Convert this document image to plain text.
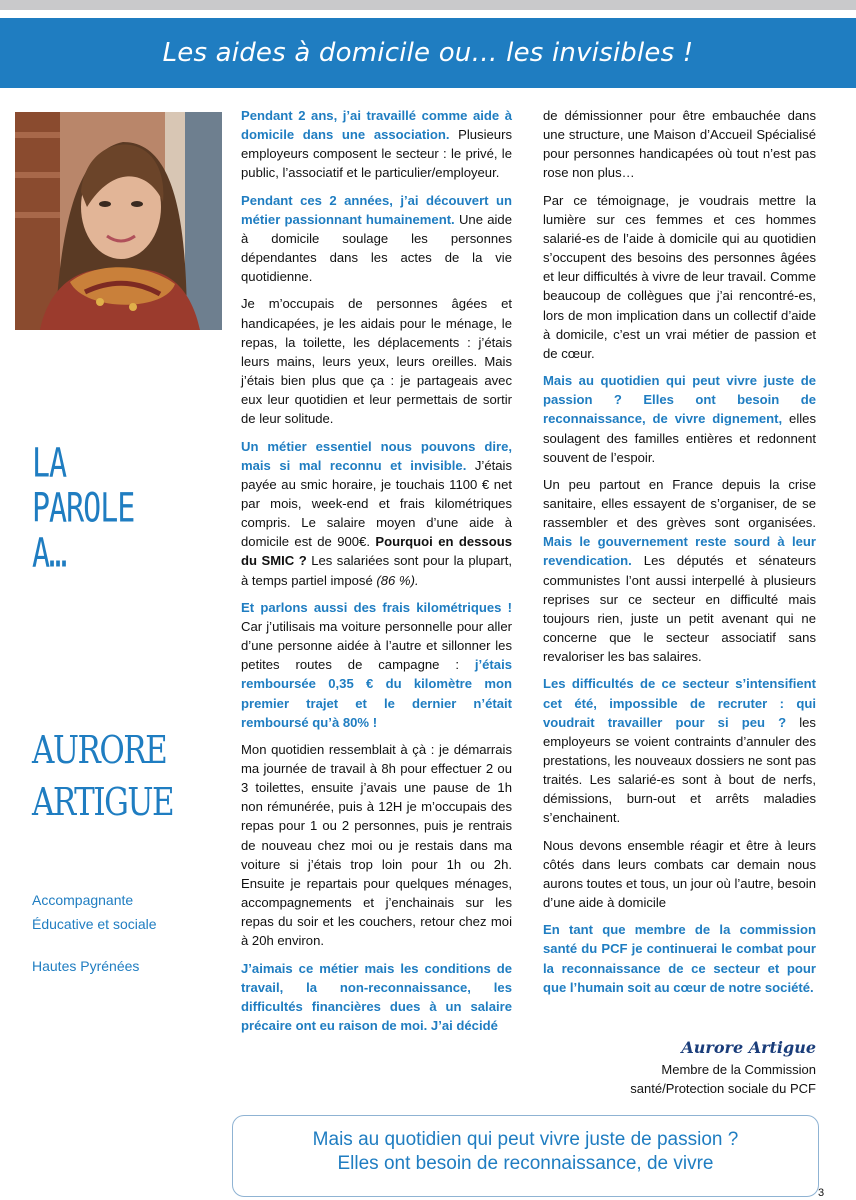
Les aides à domicile ou… les invisibles !
LA
PAROLE
A…
AURORE
ARTIGUE
Accompagnante
Éducative et sociale
Hautes Pyrénées

Pendant 2 ans, j’ai travaillé comme aide à domicile dans une association. Plusieurs employeurs composent le secteur : le privé, le public, l’associatif et le particulier/employeur.

Pendant ces 2 années, j’ai découvert un métier passionnant humainement. Une aide à domicile soulage les personnes dépendantes dans les actes de la vie quotidienne.

Je m’occupais de personnes âgées et handicapées, je les aidais pour le ménage, le repas, la toilette, les déplacements : j’étais leurs mains, leurs yeux, leurs oreilles. Mais j’étais bien plus que ça : je partageais avec eux leur quotidien et leur permettais de sortir de leur solitude.

Un métier essentiel nous pouvons dire, mais si mal reconnu et invisible. J’étais payée au smic horaire, je touchais 1100 € net par mois, week-end et frais kilométriques compris. Le salaire moyen d’une aide à domicile est de 900€. Pourquoi en dessous du SMIC ? Les salariées sont pour la plupart, à temps partiel imposé (86 %).

Et parlons aussi des frais kilométriques ! Car j’utilisais ma voiture personnelle pour aller d’une personne aidée à l’autre et sillonner les petites routes de campagne : j’étais remboursée 0,35 € du kilomètre mon premier trajet et le dernier n’était remboursé qu’à 80% !

Mon quotidien ressemblait à çà : je démarrais ma journée de travail à 8h pour effectuer 2 ou 3 toilettes, ensuite j’avais une pause de 1h non rémunérée, puis à 12H je m’occupais des repas pour 1 ou 2 personnes, puis je rentrais de nouveau chez moi ou je restais dans ma voiture si j’étais trop loin pour 1h ou 2h. Ensuite je repartais pour quelques ménages, accompagnements et j’enchainais sur les repas du soir et les couchers, retour chez moi à 20h environ.

J’aimais ce métier mais les conditions de travail, la non-reconnaissance, les difficultés financières dues à un salaire précaire ont eu raison de moi. J’ai décidé

de démissionner pour être embauchée dans une structure, une Maison d’Accueil Spécialisé pour personnes handicapées où tout n’est pas rose non plus…

Par ce témoignage, je voudrais mettre la lumière sur ces femmes et ces hommes salarié-es de l’aide à domicile qui au quotidien s’occupent des besoins des personnes âgées et leur difficultés à vivre de leur travail. Comme beaucoup de collègues que j’ai rencontré-es, lors de mon implication dans un collectif d’aide à domicile, c’est un vrai métier de passion et de cœur.

Mais au quotidien qui peut vivre juste de passion ? Elles ont besoin de reconnaissance, de vivre dignement, elles soulagent des familles entières et redonnent souvent de l’espoir.

Un peu partout en France depuis la crise sanitaire, elles essayent de s’organiser, de se rassembler et des grèves sont organisées. Mais le gouvernement reste sourd à leur revendication. Les députés et sénateurs communistes l’ont aussi interpellé à plusieurs reprises sur ce secteur en difficulté mais toujours rien, juste un petit avenant qui ne concerne que le secteur associatif sans revaloriser les bas salaires.

Les difficultés de ce secteur s’intensifient cet été, impossible de recruter : qui voudrait travailler pour si peu ? les employeurs se voient contraints d’annuler des prestations, les nouveaux dossiers ne sont pas traités. Les salarié-es sont à bout de nerfs, démissions, burn-out et arrêts maladies s’enchainent.

Nous devons ensemble réagir et être à leurs côtés dans leurs combats car demain nous aurons toutes et tous, un jour où l’autre, besoin d’une aide à domicile

En tant que membre de la commission santé du PCF je continuerai le combat pour la reconnaissance de ce secteur et pour que l’humain soit au cœur de notre société.

Aurore Artigue
Membre de la Commission
santé/Protection sociale du PCF
Mais au quotidien qui peut vivre juste de passion ?
Elles ont besoin de reconnaissance, de vivre
3
